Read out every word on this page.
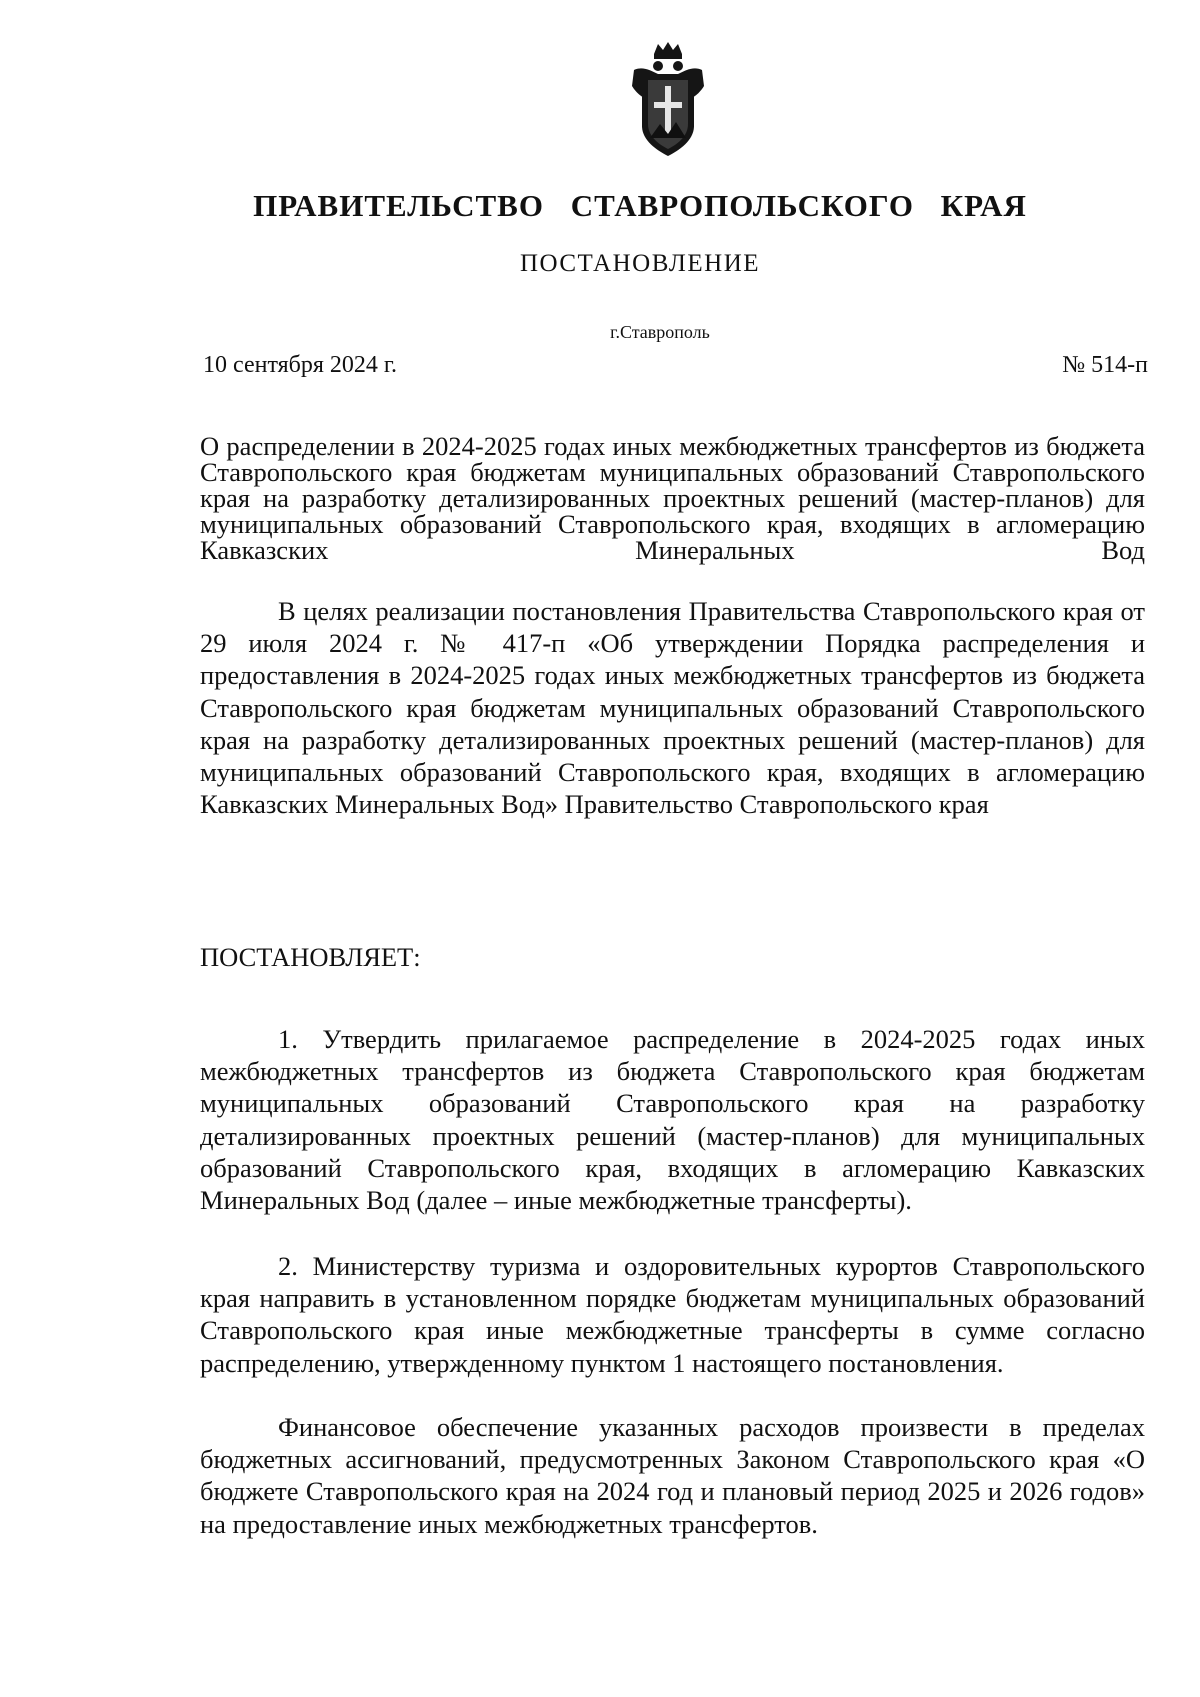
ПРАВИТЕЛЬСТВО СТАВРОПОЛЬСКОГО КРАЯ
ПОСТАНОВЛЕНИЕ
г.Ставрополь
10 сентября 2024 г.	№ 514-п
О распределении в 2024-2025 годах иных межбюджетных трансфертов из бюджета Ставропольского края бюджетам муниципальных образований Ставропольского края на разработку детализированных проектных решений (мастер-планов) для муниципальных образований Ставропольского края, входящих в агломерацию Кавказских Минеральных Вод

В целях реализации постановления Правительства Ставропольского края от 29 июля 2024 г. № 417-п «Об утверждении Порядка распределения и предоставления в 2024-2025 годах иных межбюджетных трансфертов из бюджета Ставропольского края бюджетам муниципальных образований Ставропольского края на разработку детализированных проектных решений (мастер-планов) для муниципальных образований Ставропольского края, входящих в агломерацию Кавказских Минеральных Вод» Правительство Ставропольского края

ПОСТАНОВЛЯЕТ:

1. Утвердить прилагаемое распределение в 2024-2025 годах иных межбюджетных трансфертов из бюджета Ставропольского края бюджетам муниципальных образований Ставропольского края на разработку детализированных проектных решений (мастер-планов) для муниципальных образований Ставропольского края, входящих в агломерацию Кавказских Минеральных Вод (далее – иные межбюджетные трансферты).

2. Министерству туризма и оздоровительных курортов Ставропольского края направить в установленном порядке бюджетам муниципальных образований Ставропольского края иные межбюджетные трансферты в сумме согласно распределению, утвержденному пунктом 1 настоящего постановления.

Финансовое обеспечение указанных расходов произвести в пределах бюджетных ассигнований, предусмотренных Законом Ставропольского края «О бюджете Ставропольского края на 2024 год и плановый период 2025 и 2026 годов» на предоставление иных межбюджетных трансфертов.
